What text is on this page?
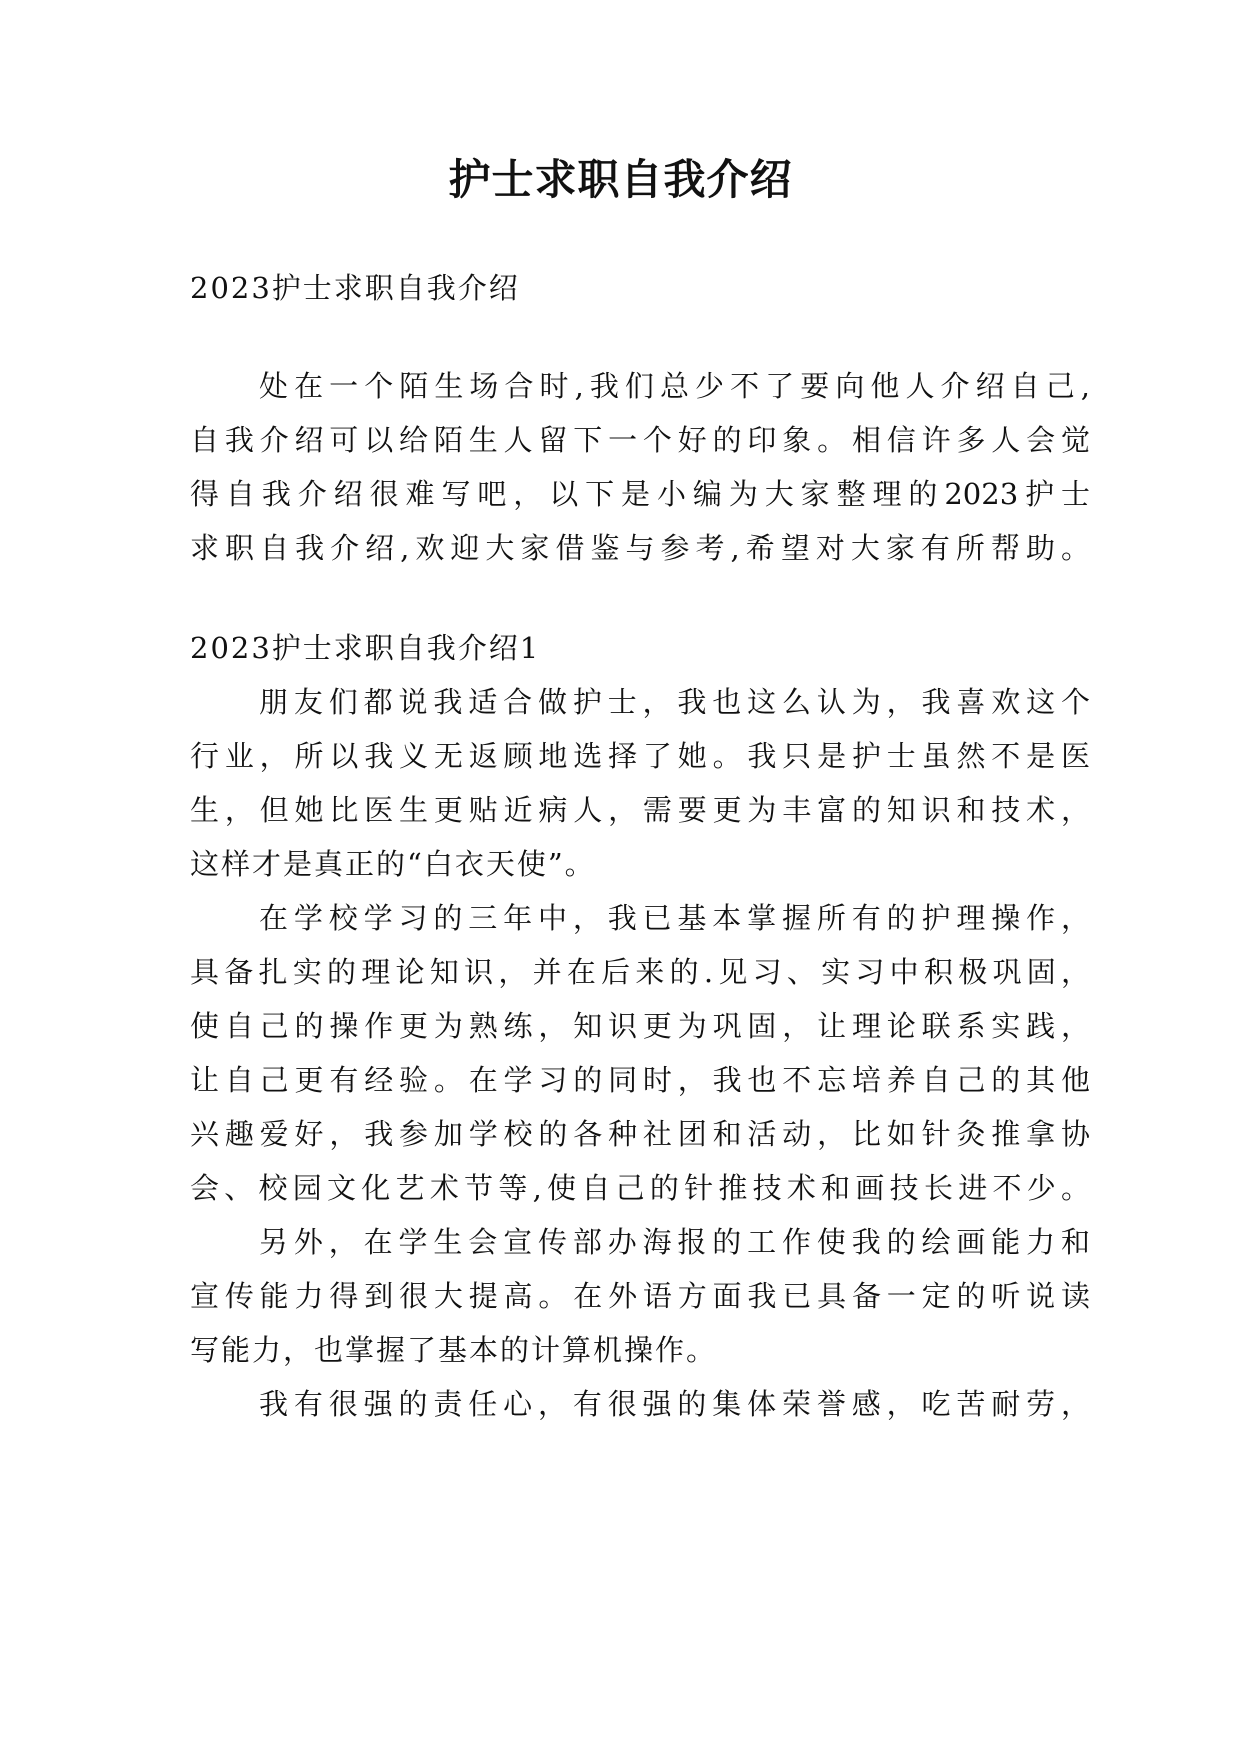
护士求职自我介绍
2023护士求职自我介绍
处在一个陌生场合时,我们总少不了要向他人介绍自己,
自我介绍可以给陌生人留下一个好的印象。相信许多人会觉
得自我介绍很难写吧，以下是小编为大家整理的2023护士
求职自我介绍,欢迎大家借鉴与参考,希望对大家有所帮助。
2023护士求职自我介绍1
朋友们都说我适合做护士，我也这么认为，我喜欢这个
行业，所以我义无返顾地选择了她。我只是护士虽然不是医
生，但她比医生更贴近病人，需要更为丰富的知识和技术，
这样才是真正的“白衣天使”。
在学校学习的三年中，我已基本掌握所有的护理操作，
具备扎实的理论知识，并在后来的.见习、实习中积极巩固，
使自己的操作更为熟练，知识更为巩固，让理论联系实践，
让自己更有经验。在学习的同时，我也不忘培养自己的其他
兴趣爱好，我参加学校的各种社团和活动，比如针灸推拿协
会、校园文化艺术节等,使自己的针推技术和画技长进不少。
另外，在学生会宣传部办海报的工作使我的绘画能力和
宣传能力得到很大提高。在外语方面我已具备一定的听说读
写能力，也掌握了基本的计算机操作。
我有很强的责任心，有很强的集体荣誉感，吃苦耐劳，
